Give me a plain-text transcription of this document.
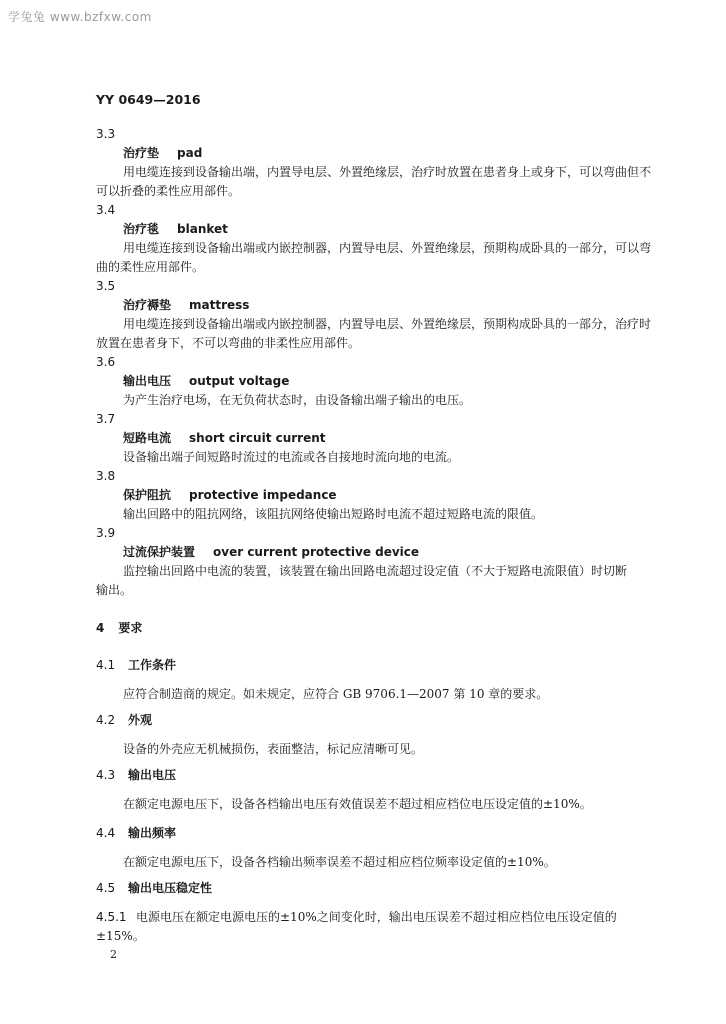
学兔兔 www.bzfxw.com
YY 0649—2016
3.3
治疗垫 pad
用电缆连接到设备输出端，内置导电层、外置绝缘层，治疗时放置在患者身上或身下，可以弯曲但不
可以折叠的柔性应用部件。
3.4
治疗毯 blanket
用电缆连接到设备输出端或内嵌控制器，内置导电层、外置绝缘层，预期构成卧具的一部分，可以弯
曲的柔性应用部件。
3.5
治疗褥垫 mattress
用电缆连接到设备输出端或内嵌控制器，内置导电层、外置绝缘层，预期构成卧具的一部分，治疗时
放置在患者身下，不可以弯曲的非柔性应用部件。
3.6
输出电压 output voltage
为产生治疗电场，在无负荷状态时，由设备输出端子输出的电压。
3.7
短路电流 short circuit current
设备输出端子间短路时流过的电流或各自接地时流向地的电流。
3.8
保护阻抗 protective impedance
输出回路中的阻抗网络，该阻抗网络使输出短路时电流不超过短路电流的限值。
3.9
过流保护装置 over current protective device
监控输出回路中电流的装置，该装置在输出回路电流超过设定值（不大于短路电流限值）时切断
输出。
4 要求
4.1 工作条件
应符合制造商的规定。如未规定，应符合 GB 9706.1—2007 第 10 章的要求。
4.2 外观
设备的外壳应无机械损伤，表面整洁，标记应清晰可见。
4.3 输出电压
在额定电源电压下，设备各档输出电压有效值误差不超过相应档位电压设定值的±10%。
4.4 输出频率
在额定电源电压下，设备各档输出频率误差不超过相应档位频率设定值的±10%。
4.5 输出电压稳定性
4.5.1 电源电压在额定电源电压的±10%之间变化时，输出电压误差不超过相应档位电压设定值的
±15%。
2
